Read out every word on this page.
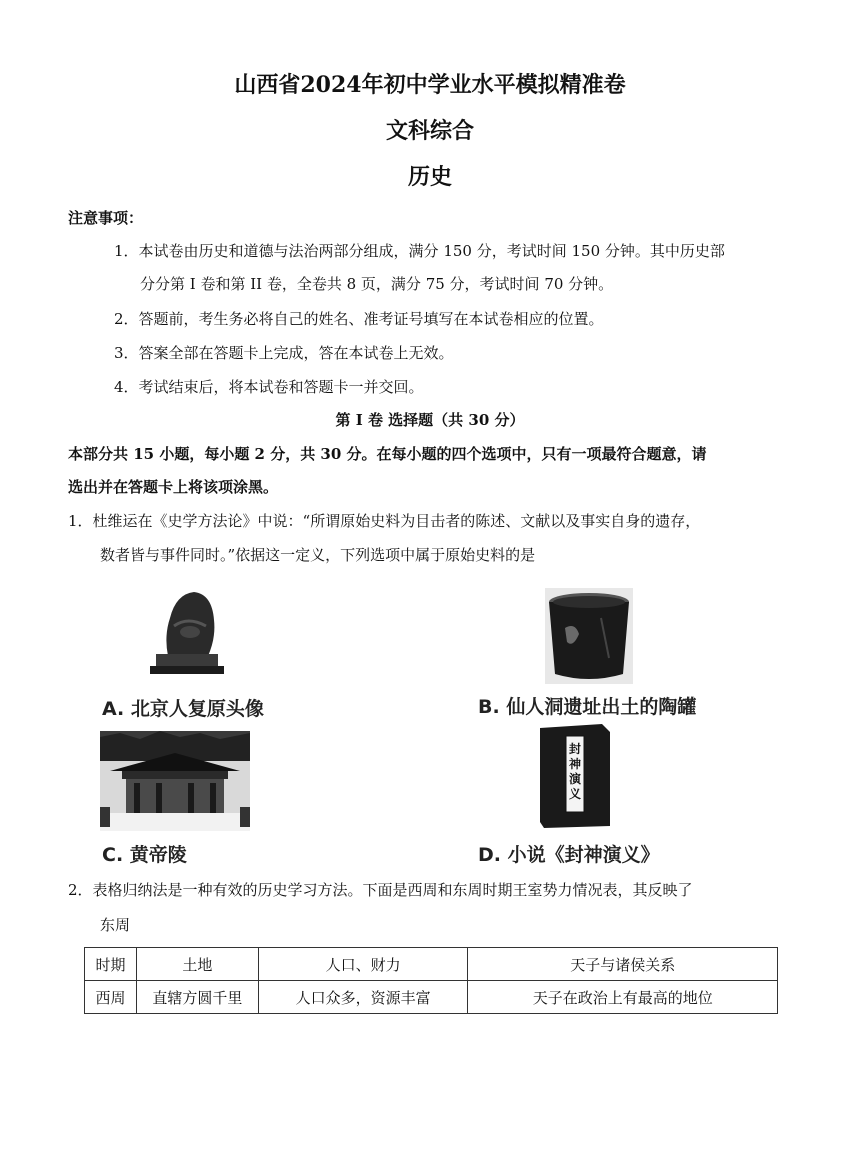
山西省2024年初中学业水平模拟精准卷
文科综合
历史
注意事项：
1．本试卷由历史和道德与法治两部分组成，满分 150 分，考试时间 150 分钟。其中历史部
分分第 I 卷和第 II 卷，全卷共 8 页，满分 75 分，考试时间 70 分钟。
2．答题前，考生务必将自己的姓名、准考证号填写在本试卷相应的位置。
3．答案全部在答题卡上完成，答在本试卷上无效。
4．考试结束后，将本试卷和答题卡一并交回。
第 I 卷 选择题（共 30 分）
本部分共 15 小题，每小题 2 分，共 30 分。在每小题的四个选项中，只有一项最符合题意，请
选出并在答题卡上将该项涂黑。
1．杜维运在《史学方法论》中说：“所谓原始史料为目击者的陈述、文献以及事实自身的遗存，
数者皆与事件同时。”依据这一定义，下列选项中属于原始史料的是
A. 北京人复原头像	B. 仙人洞遗址出土的陶罐
C. 黄帝陵
封神演义
D. 小说《封神演义》
2．表格归纳法是一种有效的历史学习方法。下面是西周和东周时期王室势力情况表，其反映了
东周
时期	土地	人口、财力	天子与诸侯关系
西周	直辖方圆千里	人口众多，资源丰富	天子在政治上有最高的地位
